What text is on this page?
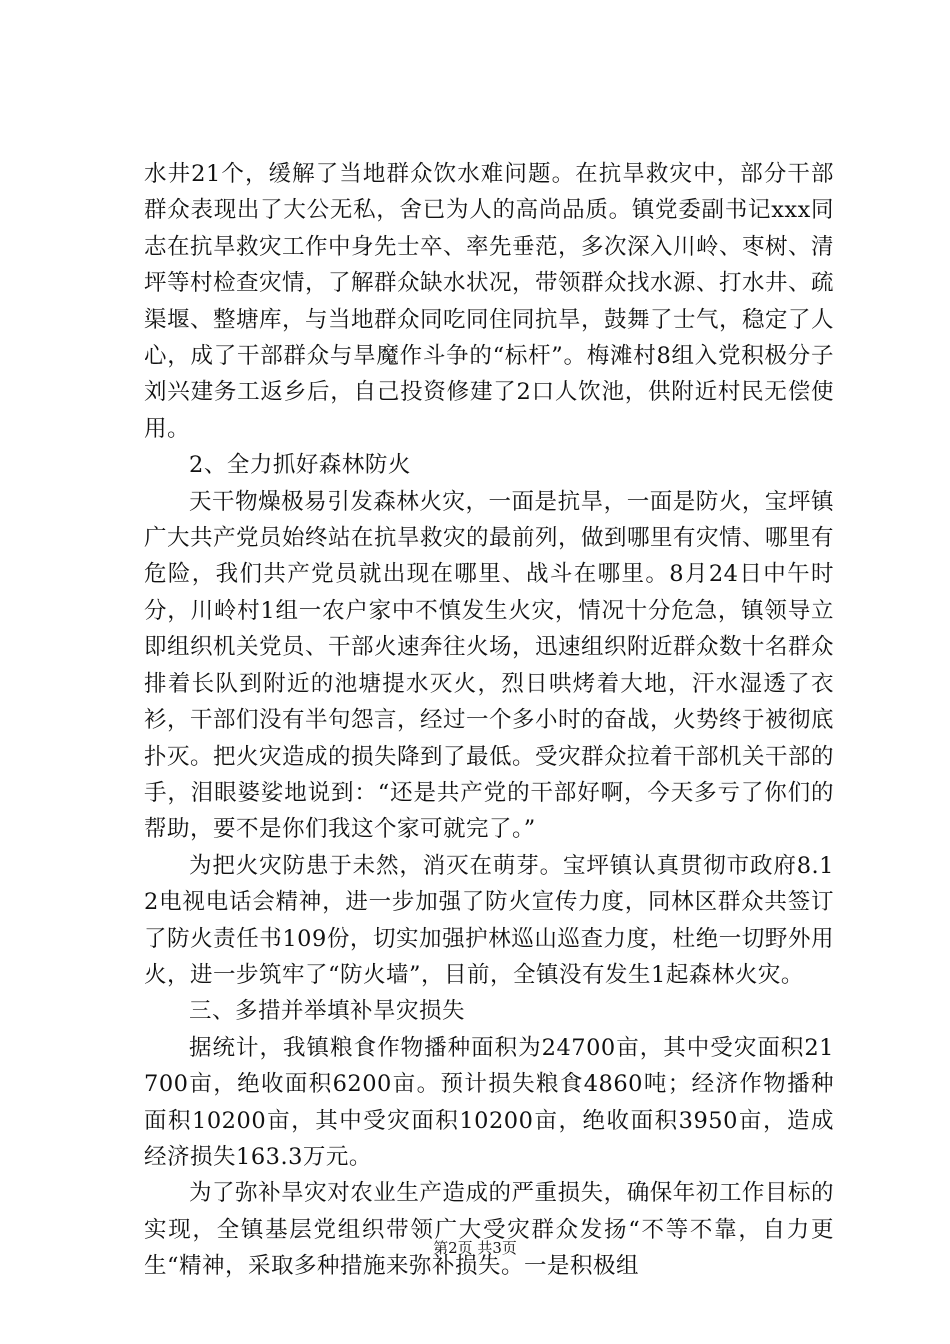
水井21个，缓解了当地群众饮水难问题。在抗旱救灾中，部分干部群众表现出了大公无私，舍已为人的高尚品质。镇党委副书记xxx同志在抗旱救灾工作中身先士卒、率先垂范，多次深入川岭、枣树、清坪等村检查灾情，了解群众缺水状况，带领群众找水源、打水井、疏渠堰、整塘库，与当地群众同吃同住同抗旱，鼓舞了士气，稳定了人心，成了干部群众与旱魔作斗争的“标杆”。梅滩村8组入党积极分子刘兴建务工返乡后，自己投资修建了2口人饮池，供附近村民无偿使用。

2、全力抓好森林防火

天干物燥极易引发森林火灾，一面是抗旱，一面是防火，宝坪镇广大共产党员始终站在抗旱救灾的最前列，做到哪里有灾情、哪里有危险，我们共产党员就出现在哪里、战斗在哪里。8月24日中午时分，川岭村1组一农户家中不慎发生火灾，情况十分危急，镇领导立即组织机关党员、干部火速奔往火场，迅速组织附近群众数十名群众排着长队到附近的池塘提水灭火，烈日哄烤着大地，汗水湿透了衣衫，干部们没有半句怨言，经过一个多小时的奋战，火势终于被彻底扑灭。把火灾造成的损失降到了最低。受灾群众拉着干部机关干部的手，泪眼婆娑地说到：“还是共产党的干部好啊，今天多亏了你们的帮助，要不是你们我这个家可就完了。”

为把火灾防患于未然，消灭在萌芽。宝坪镇认真贯彻市政府8.12电视电话会精神，进一步加强了防火宣传力度，同林区群众共签订了防火责任书109份，切实加强护林巡山巡查力度，杜绝一切野外用火，进一步筑牢了“防火墙”，目前，全镇没有发生1起森林火灾。

三、多措并举填补旱灾损失

据统计，我镇粮食作物播种面积为24700亩，其中受灾面积21700亩，绝收面积6200亩。预计损失粮食4860吨；经济作物播种面积10200亩，其中受灾面积10200亩，绝收面积3950亩，造成经济损失163.3万元。

为了弥补旱灾对农业生产造成的严重损失，确保年初工作目标的实现，全镇基层党组织带领广大受灾群众发扬“不等不靠，自力更生“精神，采取多种措施来弥补损失。一是积极组

第2页 共3页
